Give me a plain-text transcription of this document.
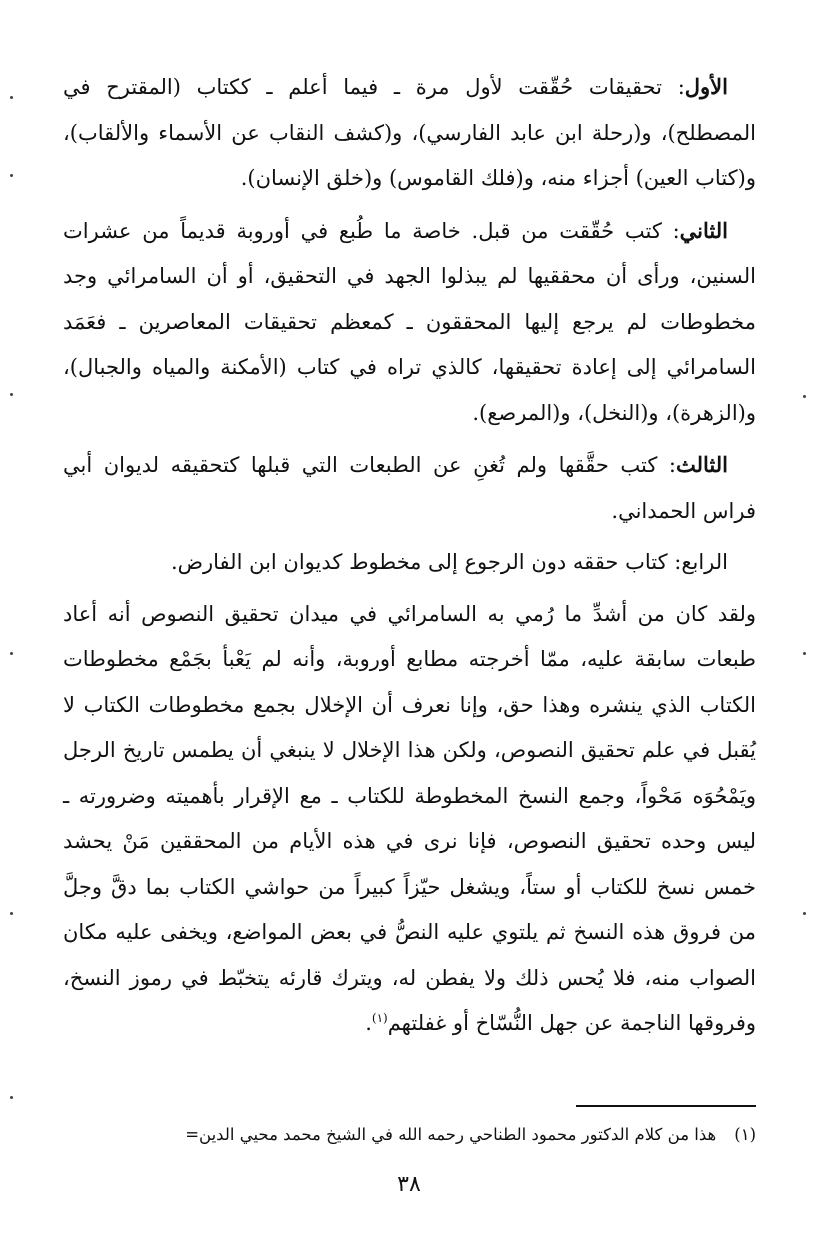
الأول: تحقيقات حُقّقت لأول مرة ـ فيما أعلم ـ ككتاب (المقترح في المصطلح)، و(رحلة ابن عابد الفارسي)، و(كشف النقاب عن الأسماء والألقاب)، و(كتاب العين) أجزاء منه، و(فلك القاموس) و(خلق الإنسان).

الثاني: كتب حُقّقت من قبل. خاصة ما طُبع في أوروبة قديماً من عشرات السنين، ورأى أن محققيها لم يبذلوا الجهد في التحقيق، أو أن السامرائي وجد مخطوطات لم يرجع إليها المحققون ـ كمعظم تحقيقات المعاصرين ـ فعَمَد السامرائي إلى إعادة تحقيقها، كالذي تراه في كتاب (الأمكنة والمياه والجبال)، و(الزهرة)، و(النخل)، و(المرصع).

الثالث: كتب حقَّقها ولم تُغنِ عن الطبعات التي قبلها كتحقيقه لديوان أبي فراس الحمداني.

الرابع: كتاب حققه دون الرجوع إلى مخطوط كديوان ابن الفارض.

ولقد كان من أشدِّ ما رُمي به السامرائي في ميدان تحقيق النصوص أنه أعاد طبعات سابقة عليه، ممّا أخرجته مطابع أوروبة، وأنه لم يَعْبأ بجَمْع مخطوطات الكتاب الذي ينشره وهذا حق، وإنا نعرف أن الإخلال بجمع مخطوطات الكتاب لا يُقبل في علم تحقيق النصوص، ولكن هذا الإخلال لا ينبغي أن يطمس تاريخ الرجل ويَمْحُوَه مَحْواً، وجمع النسخ المخطوطة للكتاب ـ مع الإقرار بأهميته وضرورته ـ ليس وحده تحقيق النصوص، فإنا نرى في هذه الأيام من المحققين مَنْ يحشد خمس نسخ للكتاب أو ستاً، ويشغل حيّزاً كبيراً من حواشي الكتاب بما دقَّ وجلَّ من فروق هذه النسخ ثم يلتوي عليه النصُّ في بعض المواضع، ويخفى عليه مكان الصواب منه، فلا يُحس ذلك ولا يفطن له، ويترك قارئه يتخبّط في رموز النسخ، وفروقها الناجمة عن جهل النُّسّاخ أو غفلتهم$^{(١)}$.

(١)هذا من كلام الدكتور محمود الطناحي رحمه الله في الشيخ محمد محيي الدين=
٣٨
